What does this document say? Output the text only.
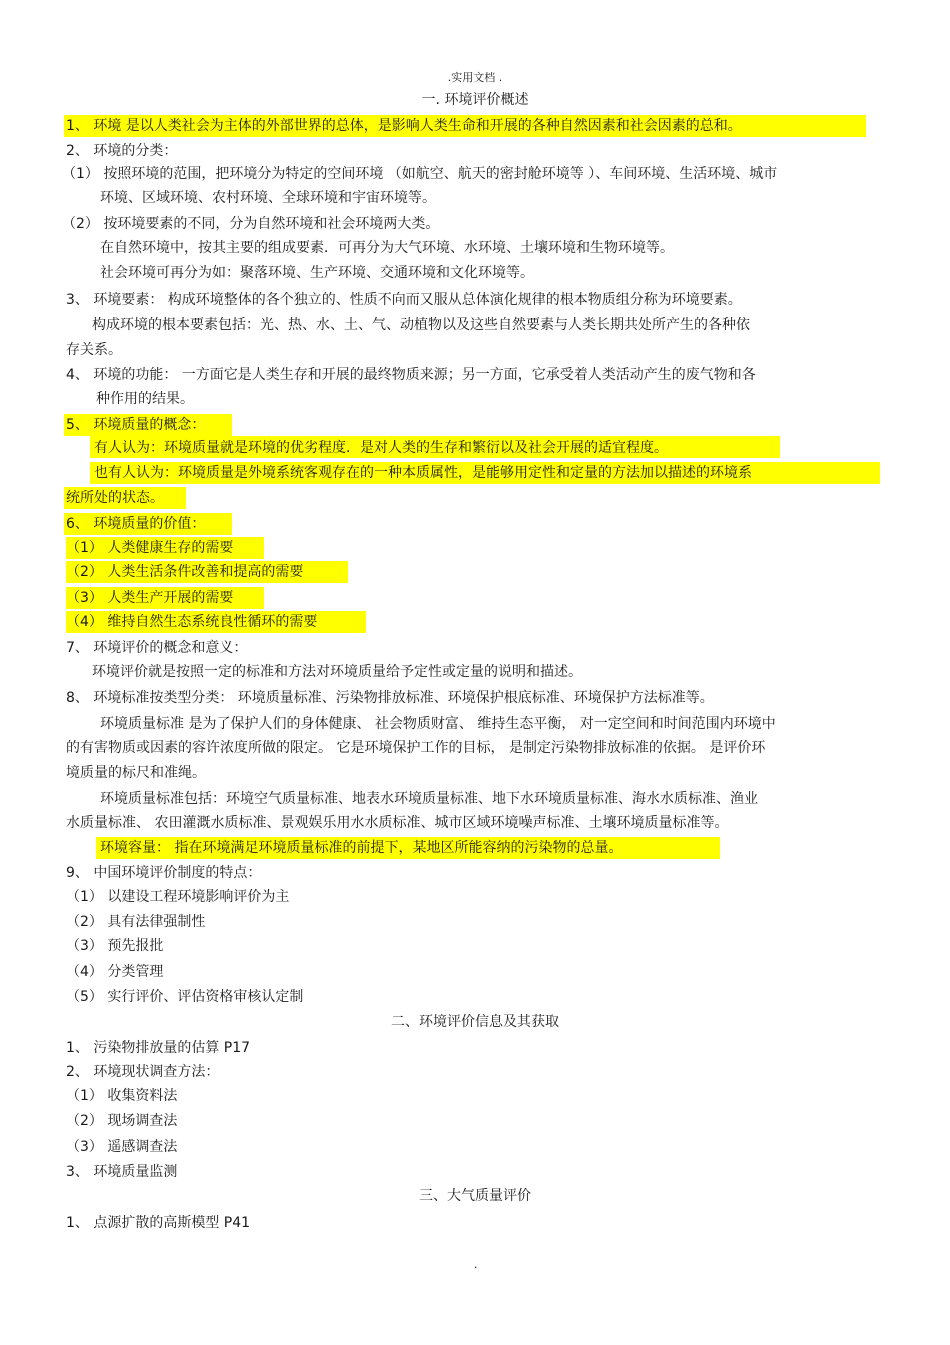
.实用文档 .
一. 环境评价概述
1、 环境 是以人类社会为主体的外部世界的总体，是影响人类生命和开展的各种自然因素和社会因素的总和。
2、 环境的分类：
（1） 按照环境的范围，把环境分为特定的空间环境 （如航空、航天的密封舱环境等 ）、车间环境、生活环境、城市
环境、区域环境、农村环境、全球环境和宇宙环境等。
（2） 按环境要素的不同，分为自然环境和社会环境两大类。
在自然环境中，按其主要的组成要素．可再分为大气环境、水环境、土壤环境和生物环境等。
社会环境可再分为如：聚落环境、生产环境、交通环境和文化环境等。
3、 环境要素： 构成环境整体的各个独立的、性质不向而又服从总体演化规律的根本物质组分称为环境要素。
构成环境的根本要素包括：光、热、水、土、气、动植物以及这些自然要素与人类长期共处所产生的各种依
存关系。
4、 环境的功能： 一方面它是人类生存和开展的最终物质来源；另一方面，它承受着人类活动产生的废气物和各
种作用的结果。
5、 环境质量的概念：
有人认为：环境质量就是环境的优劣程度．是对人类的生存和繁衍以及社会开展的适宜程度。
也有人认为：环境质量是外境系统客观存在的一种本质属性，是能够用定性和定量的方法加以描述的环境系
统所处的状态。
6、 环境质量的价值：
（1） 人类健康生存的需要
（2） 人类生活条件改善和提高的需要
（3） 人类生产开展的需要
（4） 维持自然生态系统良性循环的需要
7、 环境评价的概念和意义：
环境评价就是按照一定的标准和方法对环境质量给予定性或定量的说明和描述。
8、 环境标准按类型分类： 环境质量标准、污染物排放标准、环境保护根底标准、环境保护方法标准等。
环境质量标准 是为了保护人们的身体健康、 社会物质财富、 维持生态平衡， 对一定空间和时间范围内环境中
的有害物质或因素的容许浓度所做的限定。 它是环境保护工作的目标， 是制定污染物排放标准的依据。 是评价环
境质量的标尺和准绳。
环境质量标准包括：环境空气质量标准、地表水环境质量标准、地下水环境质量标准、海水水质标准、渔业
水质量标准、 农田灌溉水质标准、景观娱乐用水水质标准、城市区域环境噪声标准、土壤环境质量标准等。
环境容量： 指在环境满足环境质量标准的前提下，某地区所能容纳的污染物的总量。
9、 中国环境评价制度的特点：
（1） 以建设工程环境影响评价为主
（2） 具有法律强制性
（3） 预先报批
（4） 分类管理
（5） 实行评价、评估资格审核认定制
二、环境评价信息及其获取
1、 污染物排放量的估算 P17
2、 环境现状调查方法：
（1） 收集资料法
（2） 现场调查法
（3） 遥感调查法
3、 环境质量监测
三、大气质量评价
1、 点源扩散的高斯模型 P41
.
